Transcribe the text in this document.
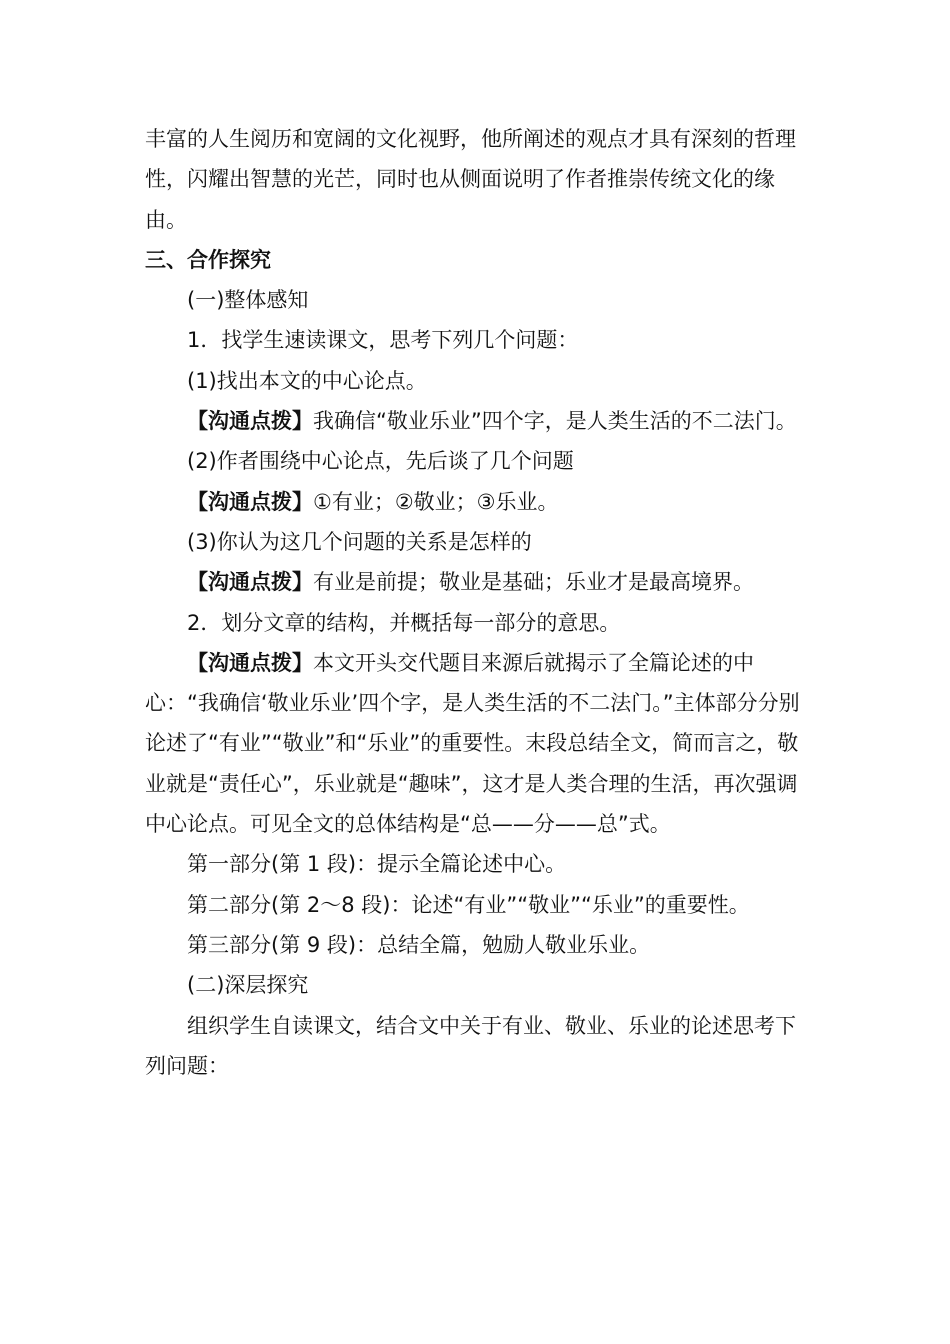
丰富的人生阅历和宽阔的文化视野，他所阐述的观点才具有深刻的哲理性，闪耀出智慧的光芒，同时也从侧面说明了作者推崇传统文化的缘由。

三、合作探究

(一)整体感知

1．找学生速读课文，思考下列几个问题：

(1)找出本文的中心论点。

【沟通点拨】我确信“敬业乐业”四个字，是人类生活的不二法门。

(2)作者围绕中心论点，先后谈了几个问题

【沟通点拨】①有业；②敬业；③乐业。

(3)你认为这几个问题的关系是怎样的

【沟通点拨】有业是前提；敬业是基础；乐业才是最高境界。

2．划分文章的结构，并概括每一部分的意思。

【沟通点拨】本文开头交代题目来源后就揭示了全篇论述的中心：“我确信‘敬业乐业’四个字，是人类生活的不二法门。”主体部分分别论述了“有业”“敬业”和“乐业”的重要性。末段总结全文，简而言之，敬业就是“责任心”，乐业就是“趣味”，这才是人类合理的生活，再次强调中心论点。可见全文的总体结构是“总——分——总”式。

第一部分(第 1 段)：提示全篇论述中心。

第二部分(第 2～8 段)：论述“有业”“敬业”“乐业”的重要性。

第三部分(第 9 段)：总结全篇，勉励人敬业乐业。

(二)深层探究

组织学生自读课文，结合文中关于有业、敬业、乐业的论述思考下列问题：
